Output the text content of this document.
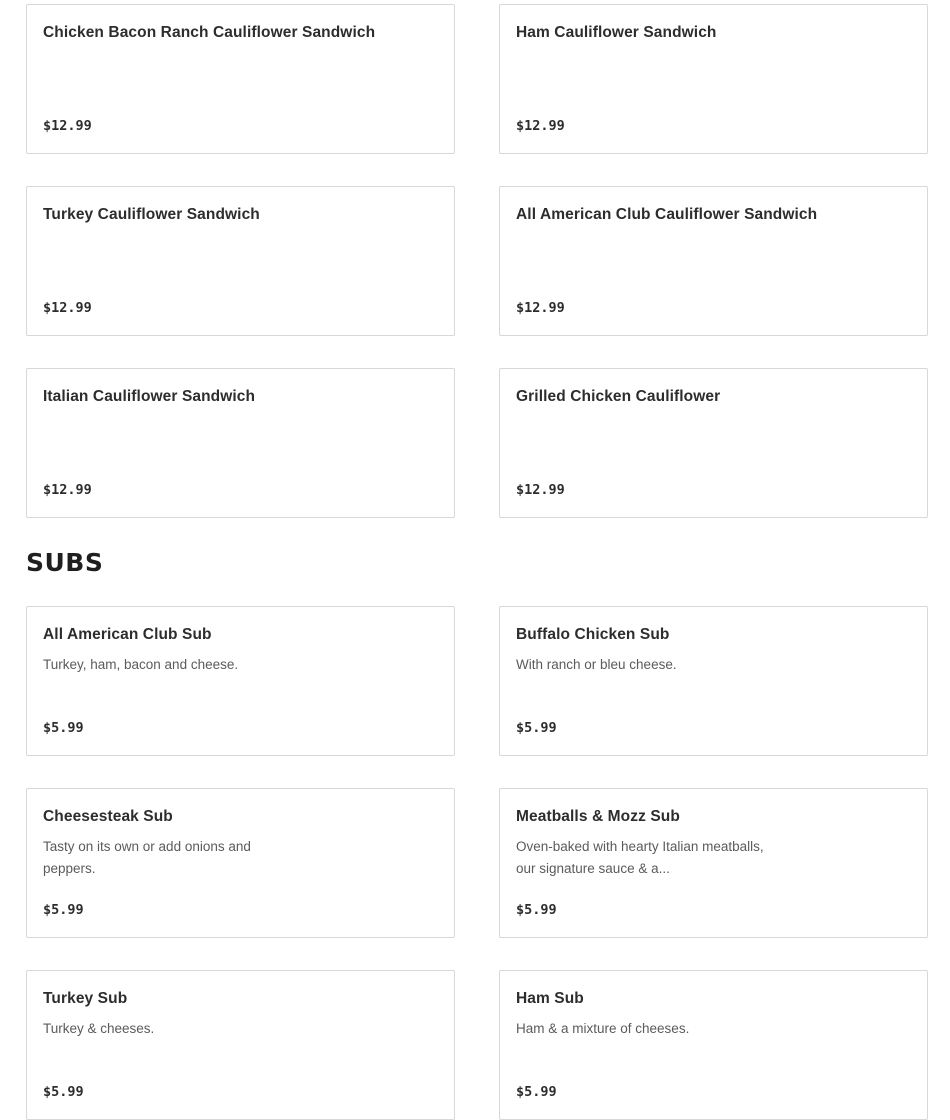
Chicken Bacon Ranch Cauliflower Sandwich
$12.99
Ham Cauliflower Sandwich
$12.99
Turkey Cauliflower Sandwich
$12.99
All American Club Cauliflower Sandwich
$12.99
Italian Cauliflower Sandwich
$12.99
Grilled Chicken Cauliflower
$12.99
SUBS
All American Club Sub
Turkey, ham, bacon and cheese.
$5.99
Buffalo Chicken Sub
With ranch or bleu cheese.
$5.99
Cheesesteak Sub
Tasty on its own or add onions and peppers.
$5.99
Meatballs & Mozz Sub
Oven-baked with hearty Italian meatballs, our signature sauce & a...
$5.99
Turkey Sub
Turkey & cheeses.
$5.99
Ham Sub
Ham & a mixture of cheeses.
$5.99
